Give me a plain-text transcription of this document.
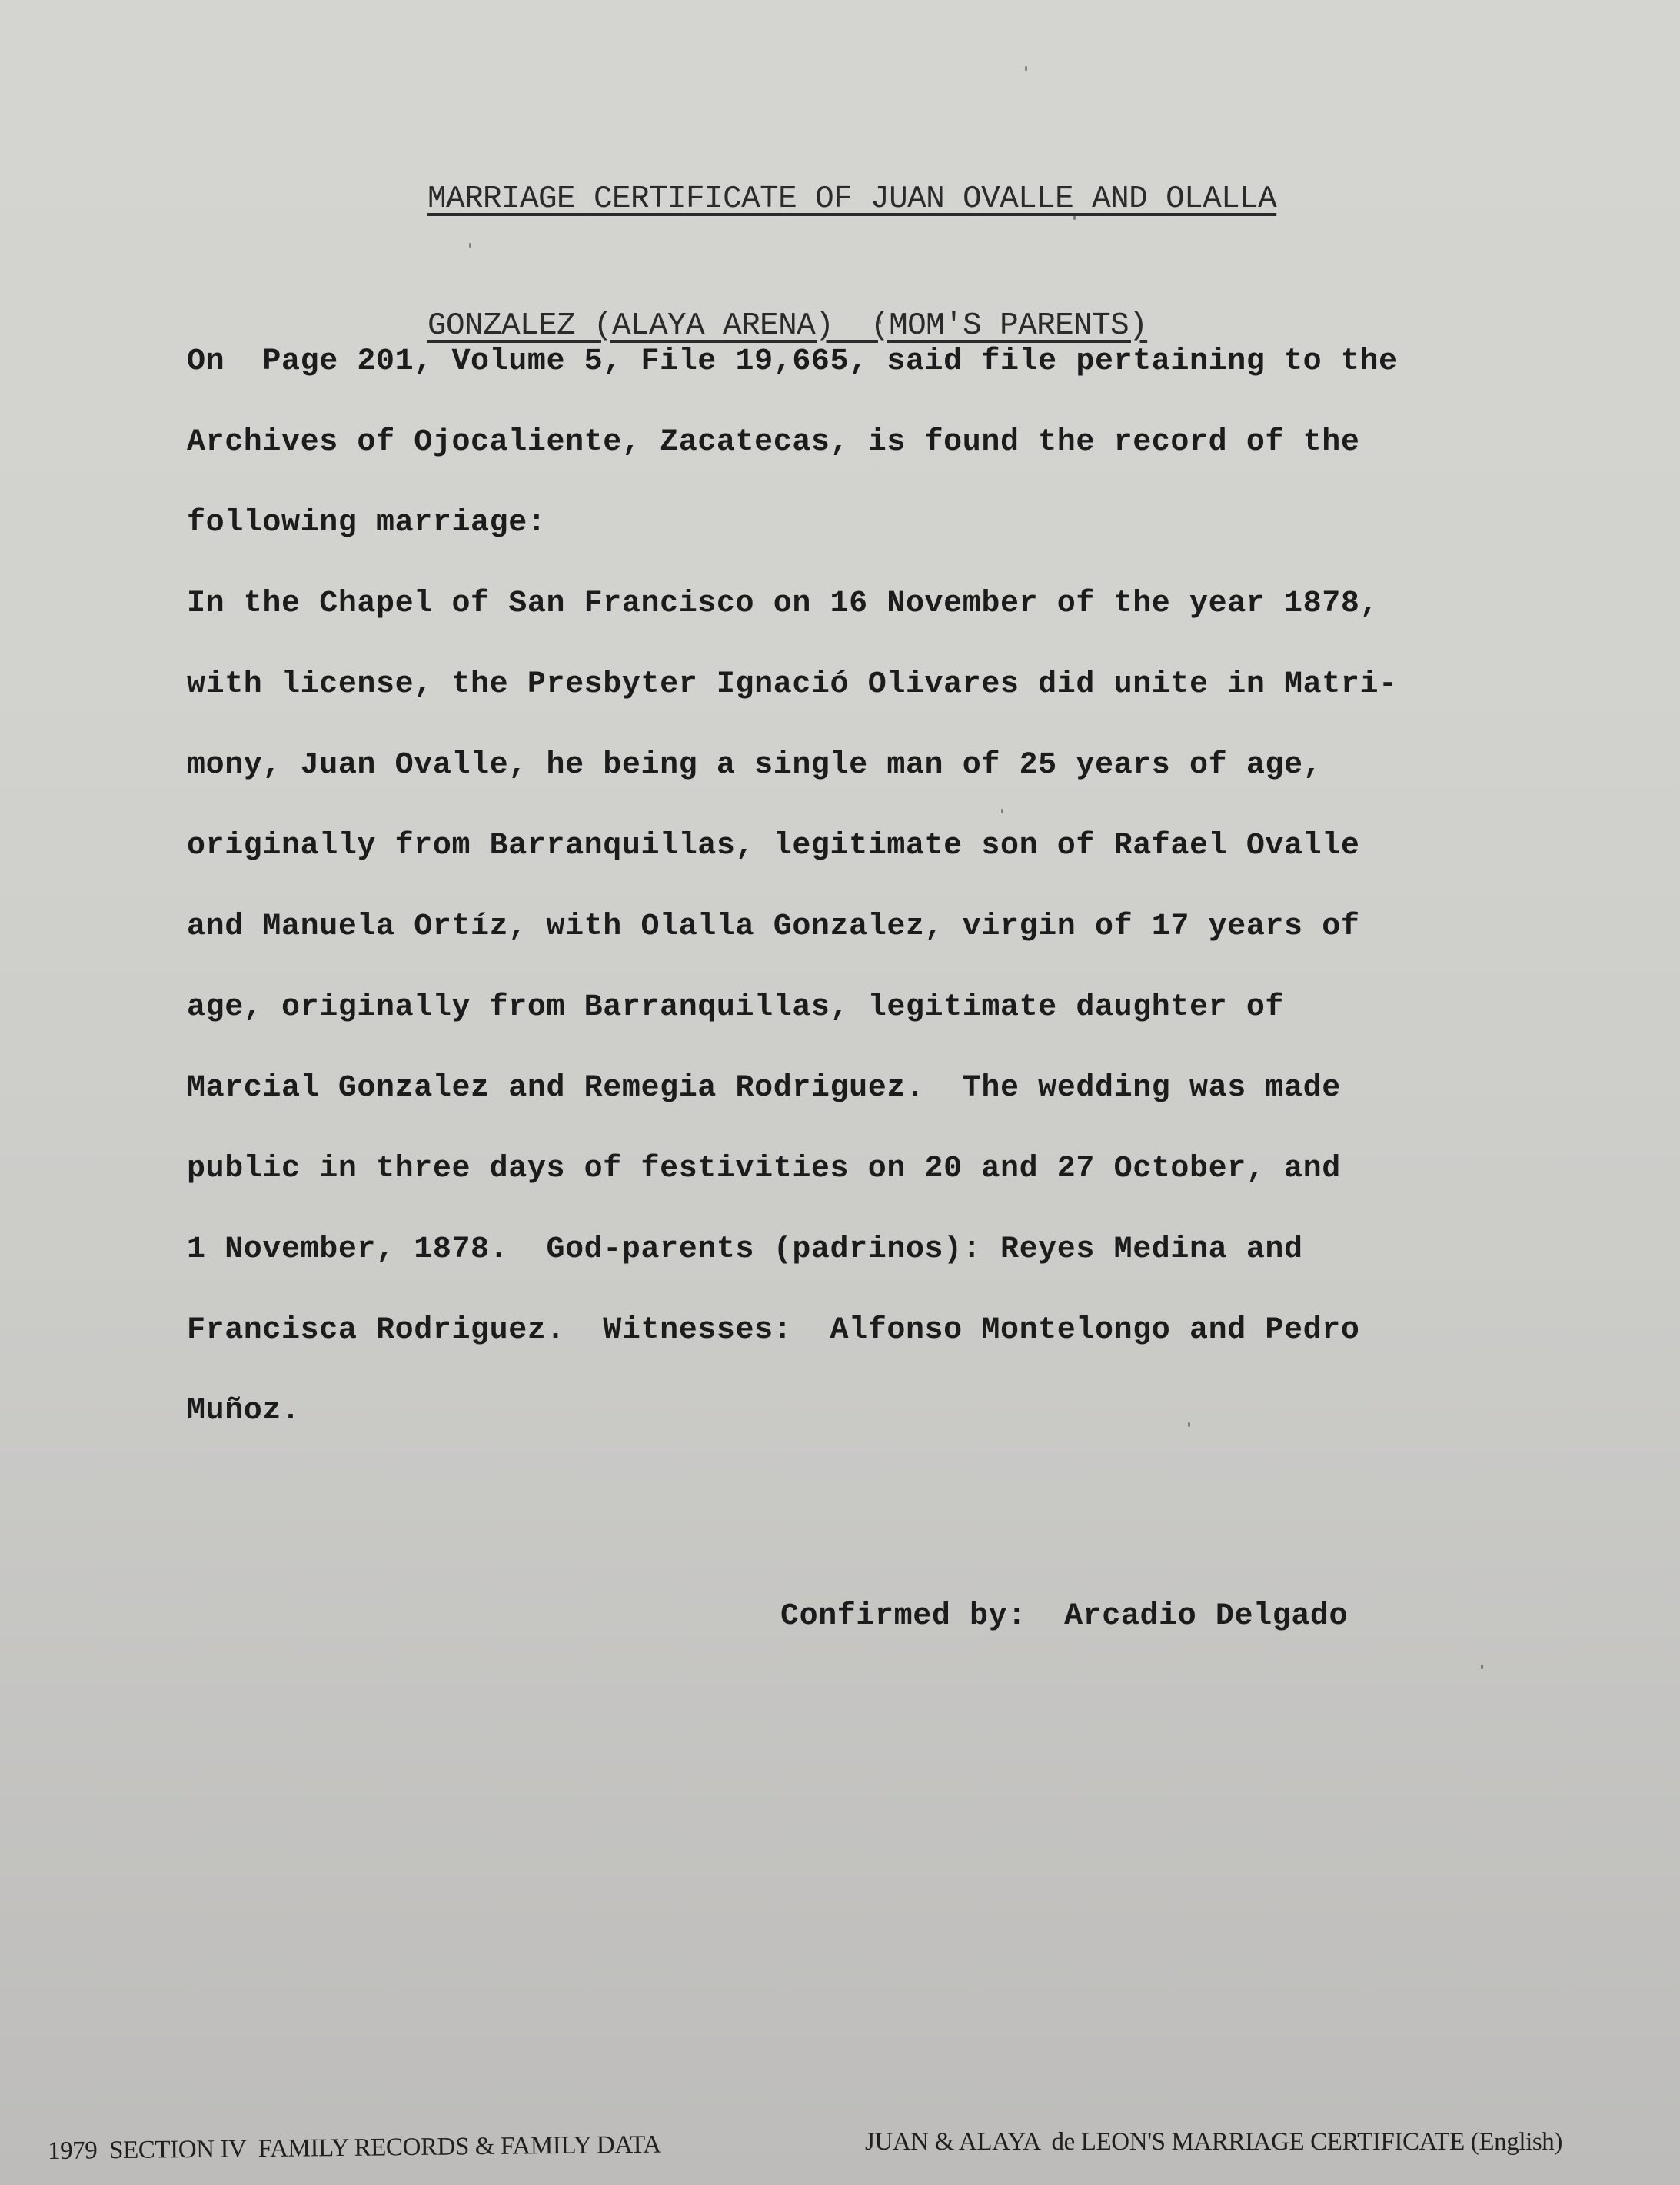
MARRIAGE CERTIFICATE OF JUAN OVALLE AND OLALLA

GONZALEZ (ALAYA ARENA)  (MOM'S PARENTS)

On  Page 201, Volume 5, File 19,665, said file pertaining to the
Archives of Ojocaliente, Zacatecas, is found the record of the
following marriage:
In the Chapel of San Francisco on 16 November of the year 1878,
with license, the Presbyter Ignació Olivares did unite in Matri-
mony, Juan Ovalle, he being a single man of 25 years of age,
originally from Barranquillas, legitimate son of Rafael Ovalle
and Manuela Ortíz, with Olalla Gonzalez, virgin of 17 years of
age, originally from Barranquillas, legitimate daughter of
Marcial Gonzalez and Remegia Rodriguez.  The wedding was made
public in three days of festivities on 20 and 27 October, and
1 November, 1878.  God-parents (padrinos): Reyes Medina and
Francisca Rodriguez.  Witnesses:  Alfonso Montelongo and Pedro
Muñoz.
Confirmed by: Arcadio Delgado
1979  SECTION IV  FAMILY RECORDS & FAMILY DATA	JUAN & ALAYA  de LEON'S MARRIAGE CERTIFICATE (English)
